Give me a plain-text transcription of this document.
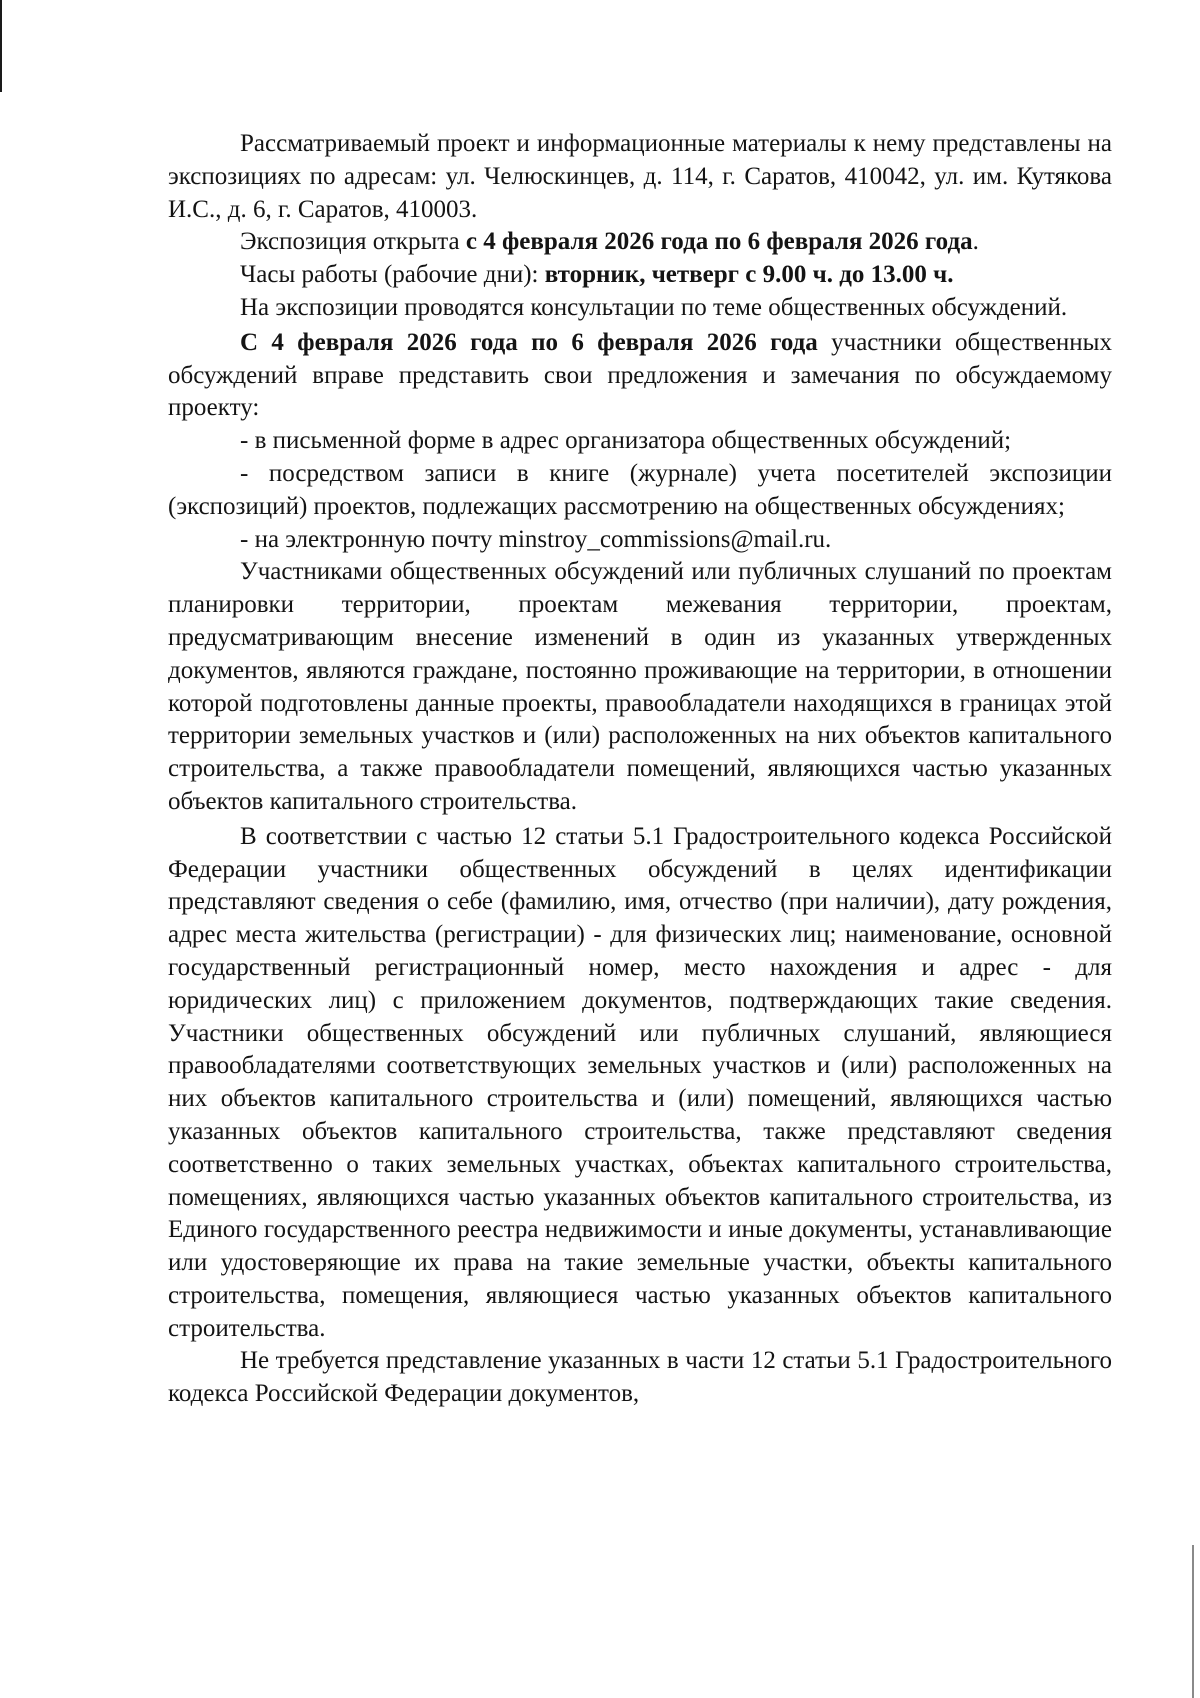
Рассматриваемый проект и информационные материалы к нему представлены на экспозициях по адресам: ул. Челюскинцев, д. 114, г. Саратов, 410042, ул. им. Кутякова И.С., д. 6, г. Саратов, 410003.

Экспозиция открыта с 4 февраля 2026 года по 6 февраля 2026 года.

Часы работы (рабочие дни): вторник, четверг с 9.00 ч. до 13.00 ч.

На экспозиции проводятся консультации по теме общественных обсуждений.

С 4 февраля 2026 года по 6 февраля 2026 года участники общественных обсуждений вправе представить свои предложения и замечания по обсуждаемому проекту:

- в письменной форме в адрес организатора общественных обсуждений;

- посредством записи в книге (журнале) учета посетителей экспозиции (экспозиций) проектов, подлежащих рассмотрению на общественных обсуждениях;

- на электронную почту minstroy_commissions@mail.ru.

Участниками общественных обсуждений или публичных слушаний по проектам планировки территории, проектам межевания территории, проектам, предусматривающим внесение изменений в один из указанных утвержденных документов, являются граждане, постоянно проживающие на территории, в отношении которой подготовлены данные проекты, правообладатели находящихся в границах этой территории земельных участков и (или) расположенных на них объектов капитального строительства, а также правообладатели помещений, являющихся частью указанных объектов капитального строительства.

В соответствии с частью 12 статьи 5.1 Градостроительного кодекса Российской Федерации участники общественных обсуждений в целях идентификации представляют сведения о себе (фамилию, имя, отчество (при наличии), дату рождения, адрес места жительства (регистрации) - для физических лиц; наименование, основной государственный регистрационный номер, место нахождения и адрес - для юридических лиц) с приложением документов, подтверждающих такие сведения. Участники общественных обсуждений или публичных слушаний, являющиеся правообладателями соответствующих земельных участков и (или) расположенных на них объектов капитального строительства и (или) помещений, являющихся частью указанных объектов капитального строительства, также представляют сведения соответственно о таких земельных участках, объектах капитального строительства, помещениях, являющихся частью указанных объектов капитального строительства, из Единого государственного реестра недвижимости и иные документы, устанавливающие или удостоверяющие их права на такие земельные участки, объекты капитального строительства, помещения, являющиеся частью указанных объектов капитального строительства.

Не требуется представление указанных в части 12 статьи 5.1 Градостроительного кодекса Российской Федерации документов,
